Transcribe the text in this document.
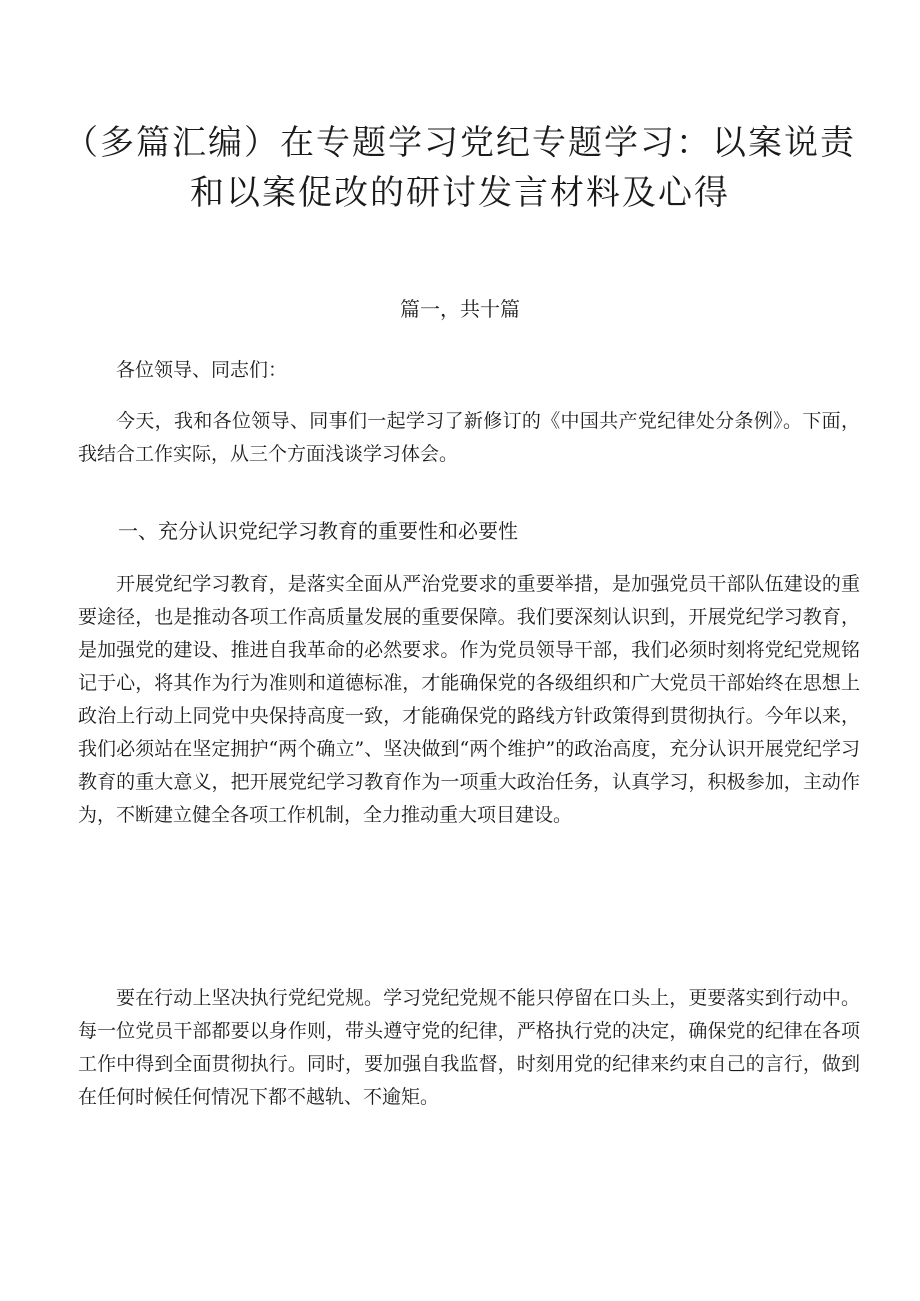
（多篇汇编）在专题学习党纪专题学习：以案说责
和以案促改的研讨发言材料及心得

篇一，共十篇

各位领导、同志们：

今天，我和各位领导、同事们一起学习了新修订的《中国共产党纪律处分条例》。下面，我结合工作实际，从三个方面浅谈学习体会。

一、充分认识党纪学习教育的重要性和必要性

开展党纪学习教育，是落实全面从严治党要求的重要举措，是加强党员干部队伍建设的重要途径，也是推动各项工作高质量发展的重要保障。我们要深刻认识到，开展党纪学习教育，是加强党的建设、推进自我革命的必然要求。作为党员领导干部，我们必须时刻将党纪党规铭记于心，将其作为行为准则和道德标准，才能确保党的各级组织和广大党员干部始终在思想上政治上行动上同党中央保持高度一致，才能确保党的路线方针政策得到贯彻执行。今年以来，我们必须站在坚定拥护“两个确立”、坚决做到“两个维护”的政治高度，充分认识开展党纪学习教育的重大意义，把开展党纪学习教育作为一项重大政治任务，认真学习，积极参加，主动作为，不断建立健全各项工作机制，全力推动重大项目建设。

要在行动上坚决执行党纪党规。学习党纪党规不能只停留在口头上，更要落实到行动中。每一位党员干部都要以身作则，带头遵守党的纪律，严格执行党的决定，确保党的纪律在各项工作中得到全面贯彻执行。同时，要加强自我监督，时刻用党的纪律来约束自己的言行，做到在任何时候任何情况下都不越轨、不逾矩。
